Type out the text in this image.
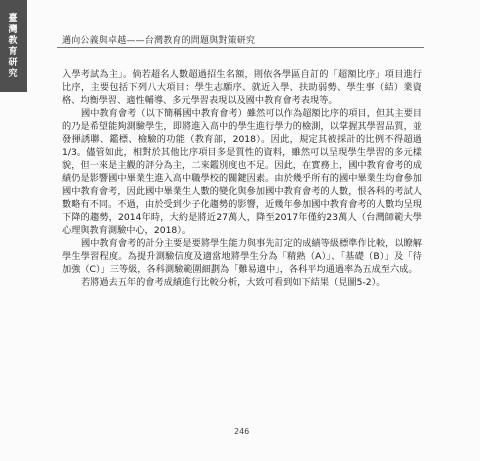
臺灣教育研究
邁向公義與卓越——台灣教育的問題與對策研究

入學考試為主」。倘若超名人數超過招生名額，則依各學區自訂的「超額比序」項目進行比序，主要包括下列八大項目：學生志願序、就近入學、扶助弱勢、學生事（結）業資格、均衡學習、適性輔導、多元學習表現以及國中教育會考表現等。

國中教育會考（以下簡稱國中教育會考）雖然可以作為超額比序的項目，但其主要目的乃是希望能夠測驗學生，即將進入高中的學生進行學力的檢測，以掌握其學習品質，並發揮誘聯、鑑標、檢驗的功能（教育部，2018）。因此，規定其被採計的比例不得超過1/3。儘管如此，相對於其他比序項目多是質性的資料，雖然可以呈現學生學習的多元樣貌，但一來是主觀的評分為主，二來鑑別度也不足。因此，在實務上，國中教育會考的成績仍是影響國中畢業生進入高中職學校的關鍵因素。由於幾乎所有的國中畢業生均會參加國中教育會考，因此國中畢業生人數的變化與參加國中教育會考的人數，恨各科的考試人數略有不同。不過，由於受到少子化趨勢的影響，近幾年參加國中教育會考的人數均呈現下降的趨勢，2014年時，大約是將近27萬人，降至2017年僅約23萬人（台灣師範大學心理與教育測驗中心，2018）。

國中教育會考的計分主要是要將學生能力與事先訂定的成績等級標準作比較，以瞭解學生學習程度。為提升測驗信度及適當地將學生分為「精熟（A）」、「基礎（B）」及「待加強（C）」三等級，各科測驗範圍細劃為「難易適中」，各科平均通過率為五成至六成。

若將過去五年的會考成績進行比較分析，大致可看到如下結果（見圖5-2）。

246
